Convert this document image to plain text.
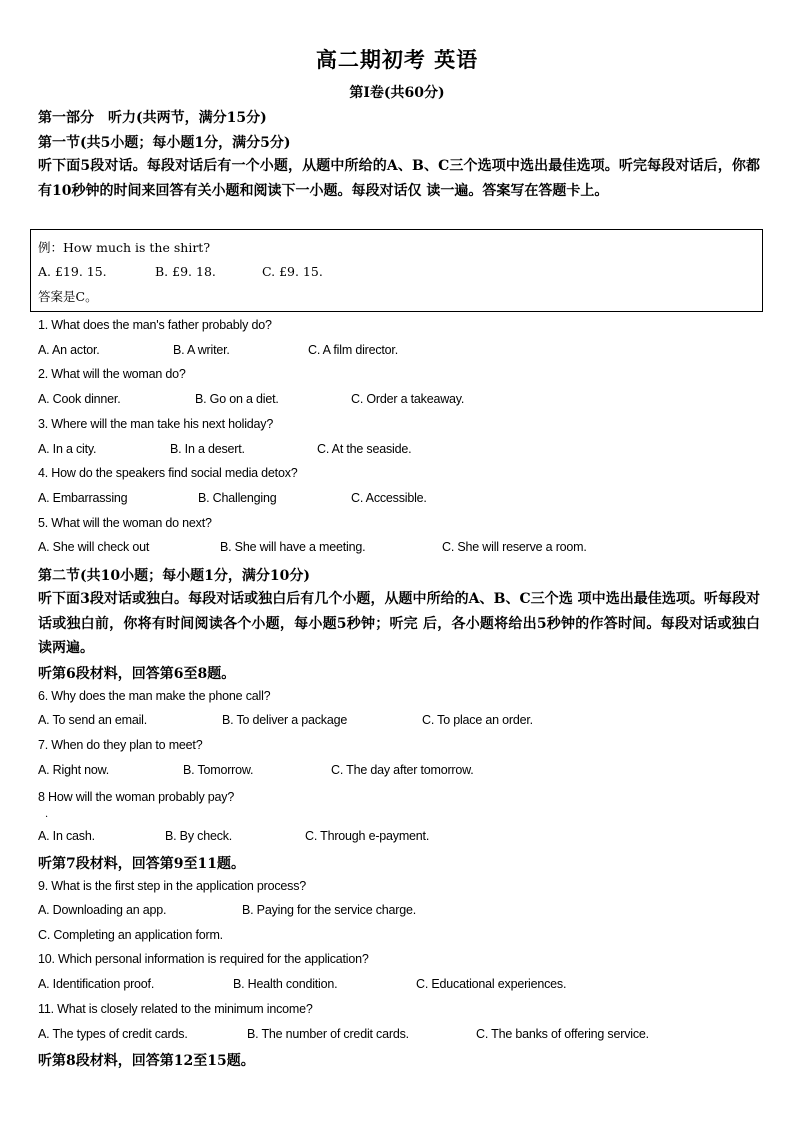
高二期初考 英语
第I卷(共60分)
第一部分　听力(共两节，满分15分)
第一节(共5小题；每小题1分，满分5分)
听下面5段对话。每段对话后有一个小题，从题中所给的A、B、C三个选项中选出最佳选项。听完每段对话后，你都有10秒钟的时间来回答有关小题和阅读下一小题。每段对话仅 读一遍。答案写在答题卡上。
例：How much is the shirt?
A. £19. 15.	B. £9. 18.	C. £9. 15.
答案是C。
1. What does the man's father probably do?
A. An actor.	B. A writer.	C. A film director.
2. What will the woman do?
A. Cook dinner.	B. Go on a diet.	C. Order a takeaway.
3. Where will the man take his next holiday?
A. In a city.	B. In a desert.	C. At the seaside.
4. How do the speakers find social media detox?
A. Embarrassing	B. Challenging	C. Accessible.
5. What will the woman do next?
A. She will check out	B. She will have a meeting.	C. She will reserve a room.
第二节(共10小题；每小题1分，满分10分)
听下面3段对话或独白。每段对话或独白后有几个小题，从题中所给的A、B、C三个选 项中选出最佳选项。听每段对话或独白前，你将有时间阅读各个小题，每小题5秒钟；听完 后，各小题将给出5秒钟的作答时间。每段对话或独白读两遍。
听第6段材料，回答第6至8题。
6. Why does the man make the phone call?
A. To send an email.	B. To deliver a package	C. To place an order.
7. When do they plan to meet?
A. Right now.	B. Tomorrow.	C. The day after tomorrow.
8 How will the woman probably pay?
·
A. In cash.	B. By check.	C. Through e-payment.
听第7段材料，回答第9至11题。
9. What is the first step in the application process?
A. Downloading an app.	B. Paying for the service charge.
C. Completing an application form.
10. Which personal information is required for the application?
A. Identification proof.	B. Health condition.	C. Educational experiences.
11. What is closely related to the minimum income?
A. The types of credit cards.	B. The number of credit cards.	C. The banks of offering service.
听第8段材料，回答第12至15题。
